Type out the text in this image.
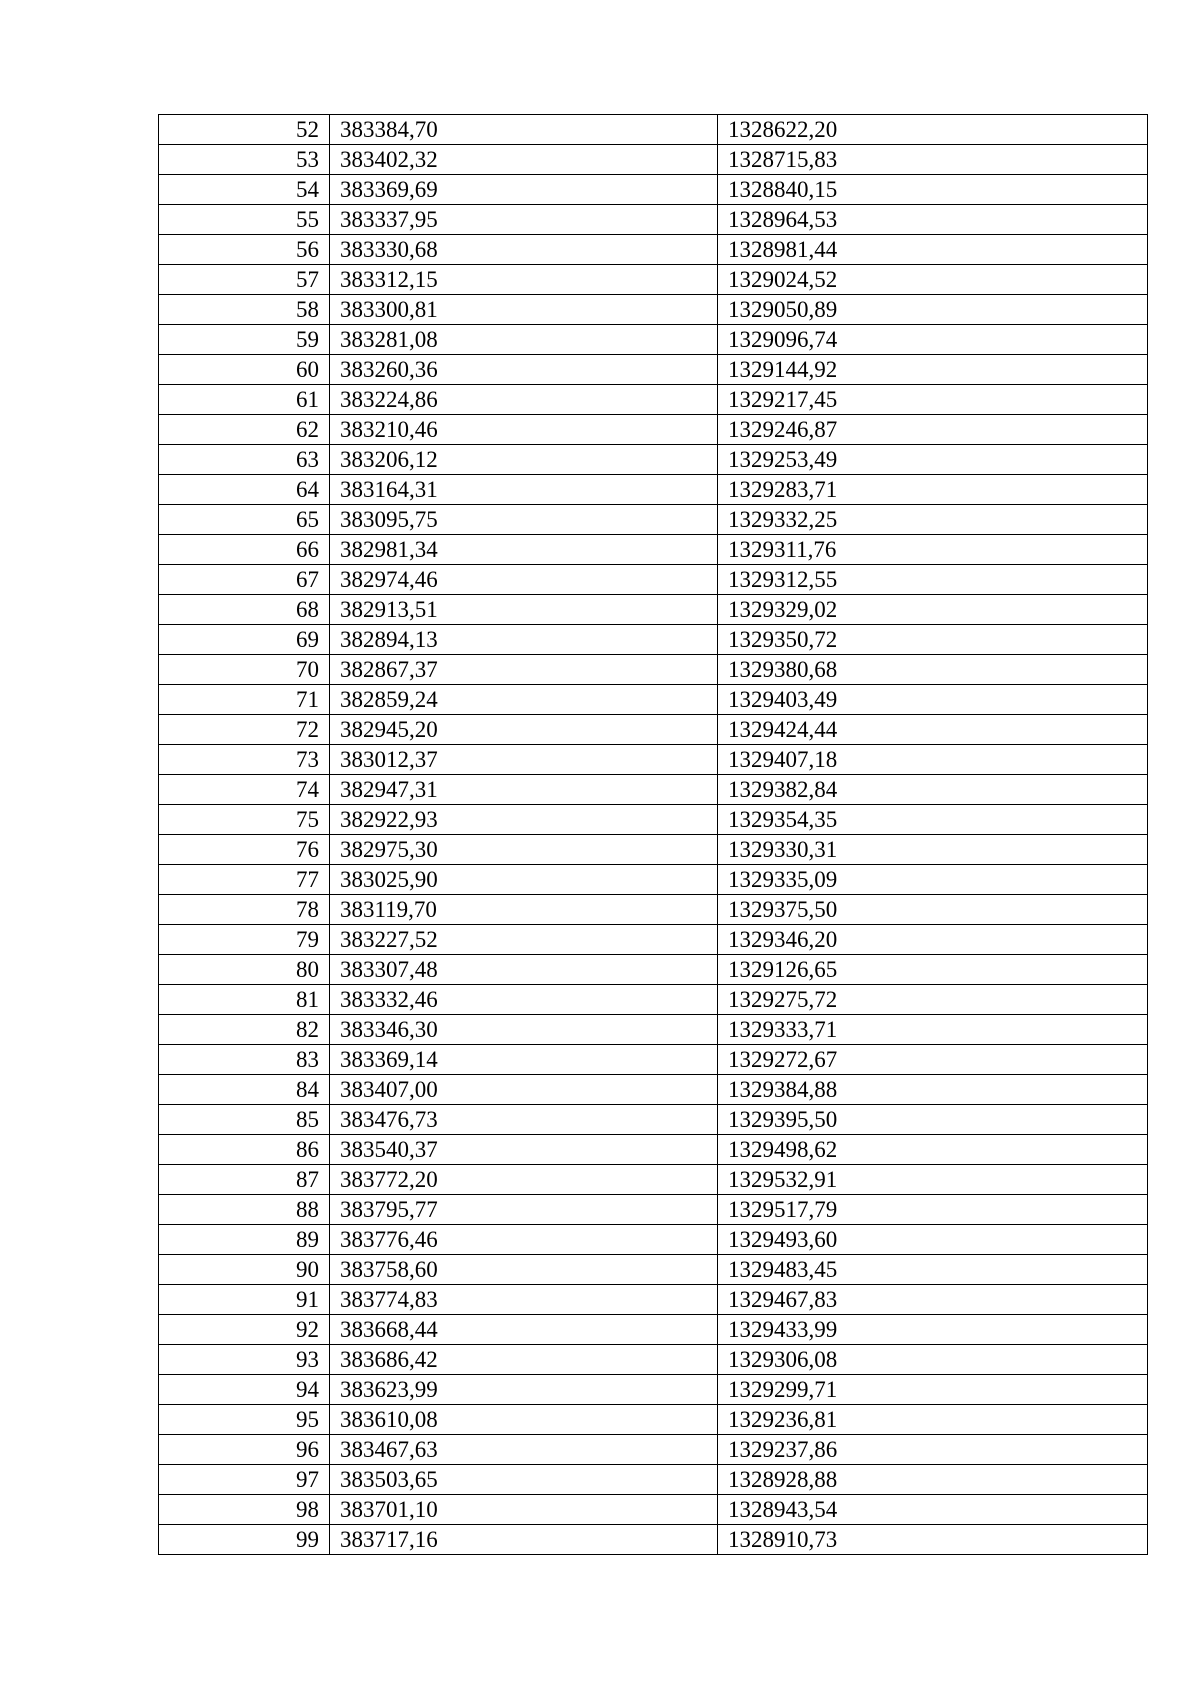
52	383384,70	1328622,20
53	383402,32	1328715,83
54	383369,69	1328840,15
55	383337,95	1328964,53
56	383330,68	1328981,44
57	383312,15	1329024,52
58	383300,81	1329050,89
59	383281,08	1329096,74
60	383260,36	1329144,92
61	383224,86	1329217,45
62	383210,46	1329246,87
63	383206,12	1329253,49
64	383164,31	1329283,71
65	383095,75	1329332,25
66	382981,34	1329311,76
67	382974,46	1329312,55
68	382913,51	1329329,02
69	382894,13	1329350,72
70	382867,37	1329380,68
71	382859,24	1329403,49
72	382945,20	1329424,44
73	383012,37	1329407,18
74	382947,31	1329382,84
75	382922,93	1329354,35
76	382975,30	1329330,31
77	383025,90	1329335,09
78	383119,70	1329375,50
79	383227,52	1329346,20
80	383307,48	1329126,65
81	383332,46	1329275,72
82	383346,30	1329333,71
83	383369,14	1329272,67
84	383407,00	1329384,88
85	383476,73	1329395,50
86	383540,37	1329498,62
87	383772,20	1329532,91
88	383795,77	1329517,79
89	383776,46	1329493,60
90	383758,60	1329483,45
91	383774,83	1329467,83
92	383668,44	1329433,99
93	383686,42	1329306,08
94	383623,99	1329299,71
95	383610,08	1329236,81
96	383467,63	1329237,86
97	383503,65	1328928,88
98	383701,10	1328943,54
99	383717,16	1328910,73
